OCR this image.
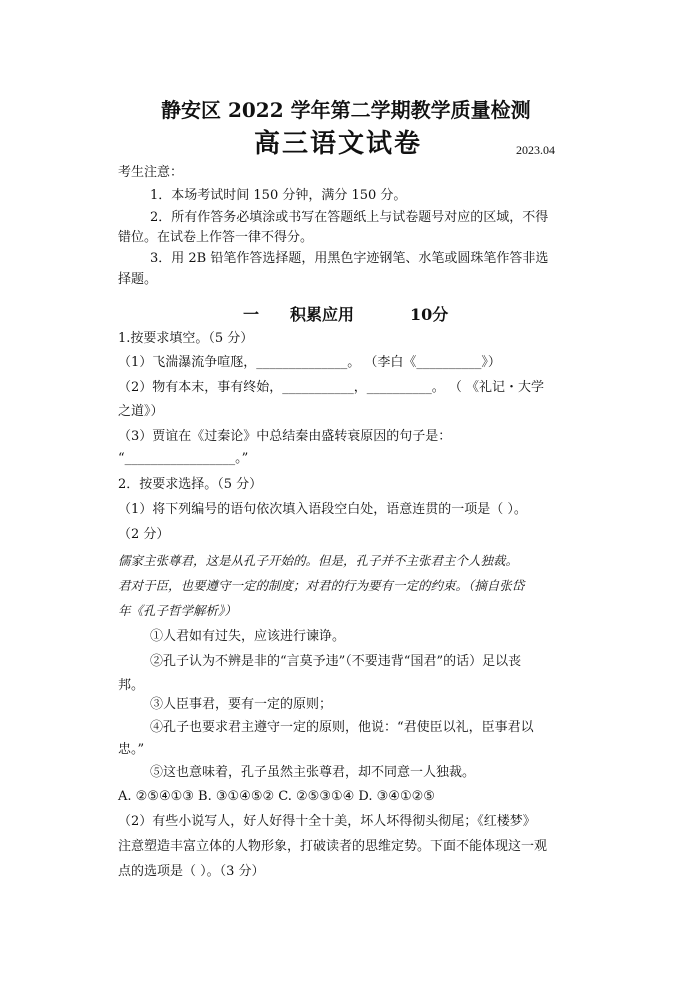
静安区 2022 学年第二学期教学质量检测
高三语文试卷	2023.04
考生注意：
1．本场考试时间 150 分钟，满分 150 分。
2．所有作答务必填涂或书写在答题纸上与试卷题号对应的区域，不得
错位。在试卷上作答一律不得分。
3．用 2B 铅笔作答选择题，用黑色字迹钢笔、水笔或圆珠笔作答非选
择题。
一 积累应用	10分
1.按要求填空。（5 分）
（1）飞湍瀑流争喧豗，______________。 （李白《__________》）
（2）物有本末，事有终始，___________，__________。 （ 《礼记・大学
之道》）
（3）贾谊在《过秦论》中总结秦由盛转衰原因的句子是：
“_________________。”
2．按要求选择。（5 分）
（1）将下列编号的语句依次填入语段空白处，语意连贯的一项是（ ）。
（2 分）
儒家主张尊君，这是从孔子开始的。但是，孔子并不主张君主个人独裁。
君对于臣，也要遵守一定的制度；对君的行为要有一定的约束。（摘自张岱
年《孔子哲学解析》）
①人君如有过失，应该进行谏诤。
②孔子认为不辨是非的“言莫予违”（不要违背“国君”的话）足以丧
邦。
③人臣事君，要有一定的原则；
④孔子也要求君主遵守一定的原则，他说：“君使臣以礼，臣事君以
忠。”
⑤这也意味着，孔子虽然主张尊君，却不同意一人独裁。
A. ②⑤④①③ B. ③①④⑤② C. ②⑤③①④ D. ③④①②⑤
（2）有些小说写人，好人好得十全十美，坏人坏得彻头彻尾；《红楼梦》
注意塑造丰富立体的人物形象，打破读者的思维定势。下面不能体现这一观
点的选项是（ ）。（3 分）
